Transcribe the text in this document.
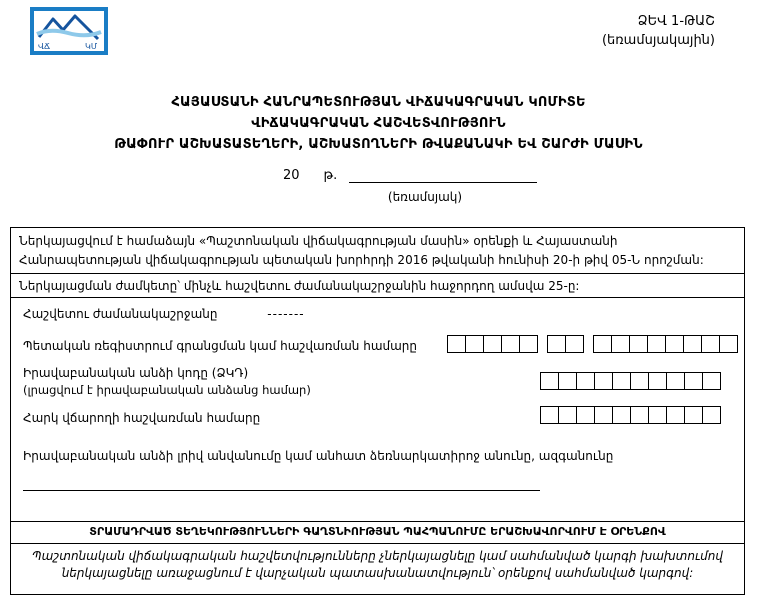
ՎՃ	ԿՄ
ՁԵՎ 1-ԹԱՇ
(եռամսյակային)
ՀԱՅԱՍՏԱՆԻ ՀԱՆՐԱՊԵՏՈՒԹՅԱՆ ՎԻՃԱԿԱԳՐԱԿԱՆ ԿՈՄԻՏԵ
ՎԻՃԱԿԱԳՐԱԿԱՆ ՀԱՇՎԵՏՎՈՒԹՅՈՒՆ
ԹԱՓՈՒՐ ԱՇԽԱՏԱՏԵՂԵՐԻ, ԱՇԽԱՏՈՂՆԵՐԻ ԹՎԱՔԱՆԱԿԻ ԵՎ ՇԱՐԺԻ ՄԱՍԻՆ
20 թ.
(եռամսյակ)
Ներկայացվում է համաձայն «Պաշտոնական վիճակագրության մասին» օրենքի և Հայաստանի Հանրապետության վիճակագրության պետական խորհրդի 2016 թվականի հունիսի 20-ի թիվ 05-Ն որոշման:
Ներկայացման ժամկետը՝ մինչև հաշվետու ժամանակաշրջանին հաջորդող ամսվա 25-ը:
Հաշվետու ժամանակաշրջանը	-------
Պետական ռեգիստրում գրանցման կամ հաշվառման համարը
Իրավաբանական անձի կոդը (ՁԿԴ)
(լրացվում է իրավաբանական անձանց համար)
Հարկ վճարողի հաշվառման համարը
Իրավաբանական անձի լրիվ անվանումը կամ անհատ ձեռնարկատիրոջ անունը, ազգանունը
ՏՐԱՄԱԴՐՎԱԾ ՏԵՂԵԿՈՒԹՅՈՒՆՆԵՐԻ ԳԱՂՏՆԻՈՒԹՅԱՆ ՊԱՀՊԱՆՈՒՄԸ ԵՐԱՇԽԱՎՈՐՎՈՒՄ Է ՕՐԵՆՔՈՎ
Պաշտոնական վիճակագրական հաշվետվությունները չներկայացնելը կամ սահմանված կարգի խախտումով ներկայացնելը առաջացնում է վարչական պատասխանատվություն՝ օրենքով սահմանված կարգով:
